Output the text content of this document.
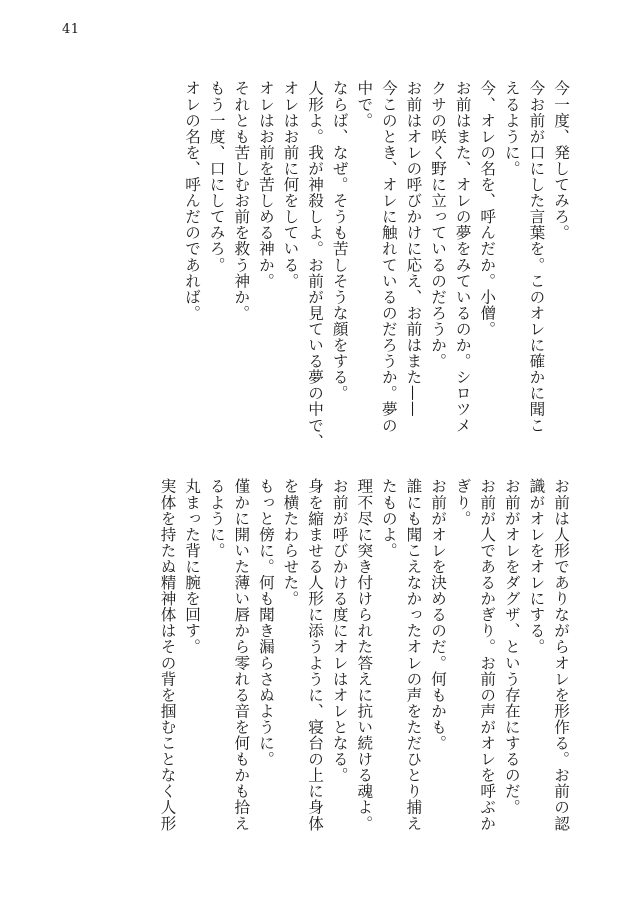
41
今一度、発してみろ。
今お前が口にした言葉を。このオレに確かに聞こ
えるように。
今、オレの名を、呼んだか。小僧。
お前はまた、オレの夢をみているのか。シロツメ
クサの咲く野に立っているのだろうか。
お前はオレの呼びかけに応え、お前はまた——
今このとき、オレに触れているのだろうか。夢の
中で。
ならば、なぜ。そうも苦しそうな顔をする。
人形よ。我が神殺しよ。お前が見ている夢の中で、
オレはお前に何をしている。
オレはお前を苦しめる神か。
それとも苦しむお前を救う神か。
もう一度、口にしてみろ。
オレの名を、呼んだのであれば。
お前は人形でありながらオレを形作る。お前の認
識がオレをオレにする。
お前がオレをダグザ、という存在にするのだ。
お前が人であるかぎり。お前の声がオレを呼ぶか
ぎり。
お前がオレを決めるのだ。何もかも。
誰にも聞こえなかったオレの声をただひとり捕え
たものよ。
理不尽に突き付けられた答えに抗い続ける魂よ。
お前が呼びかける度にオレはオレとなる。
身を縮ませる人形に添うように、寝台の上に身体
を横たわらせた。
もっと傍に。何も聞き漏らさぬように。
僅かに開いた薄い唇から零れる音を何もかも拾え
るように。
丸まった背に腕を回す。
実体を持たぬ精神体はその背を掴むことなく人形
